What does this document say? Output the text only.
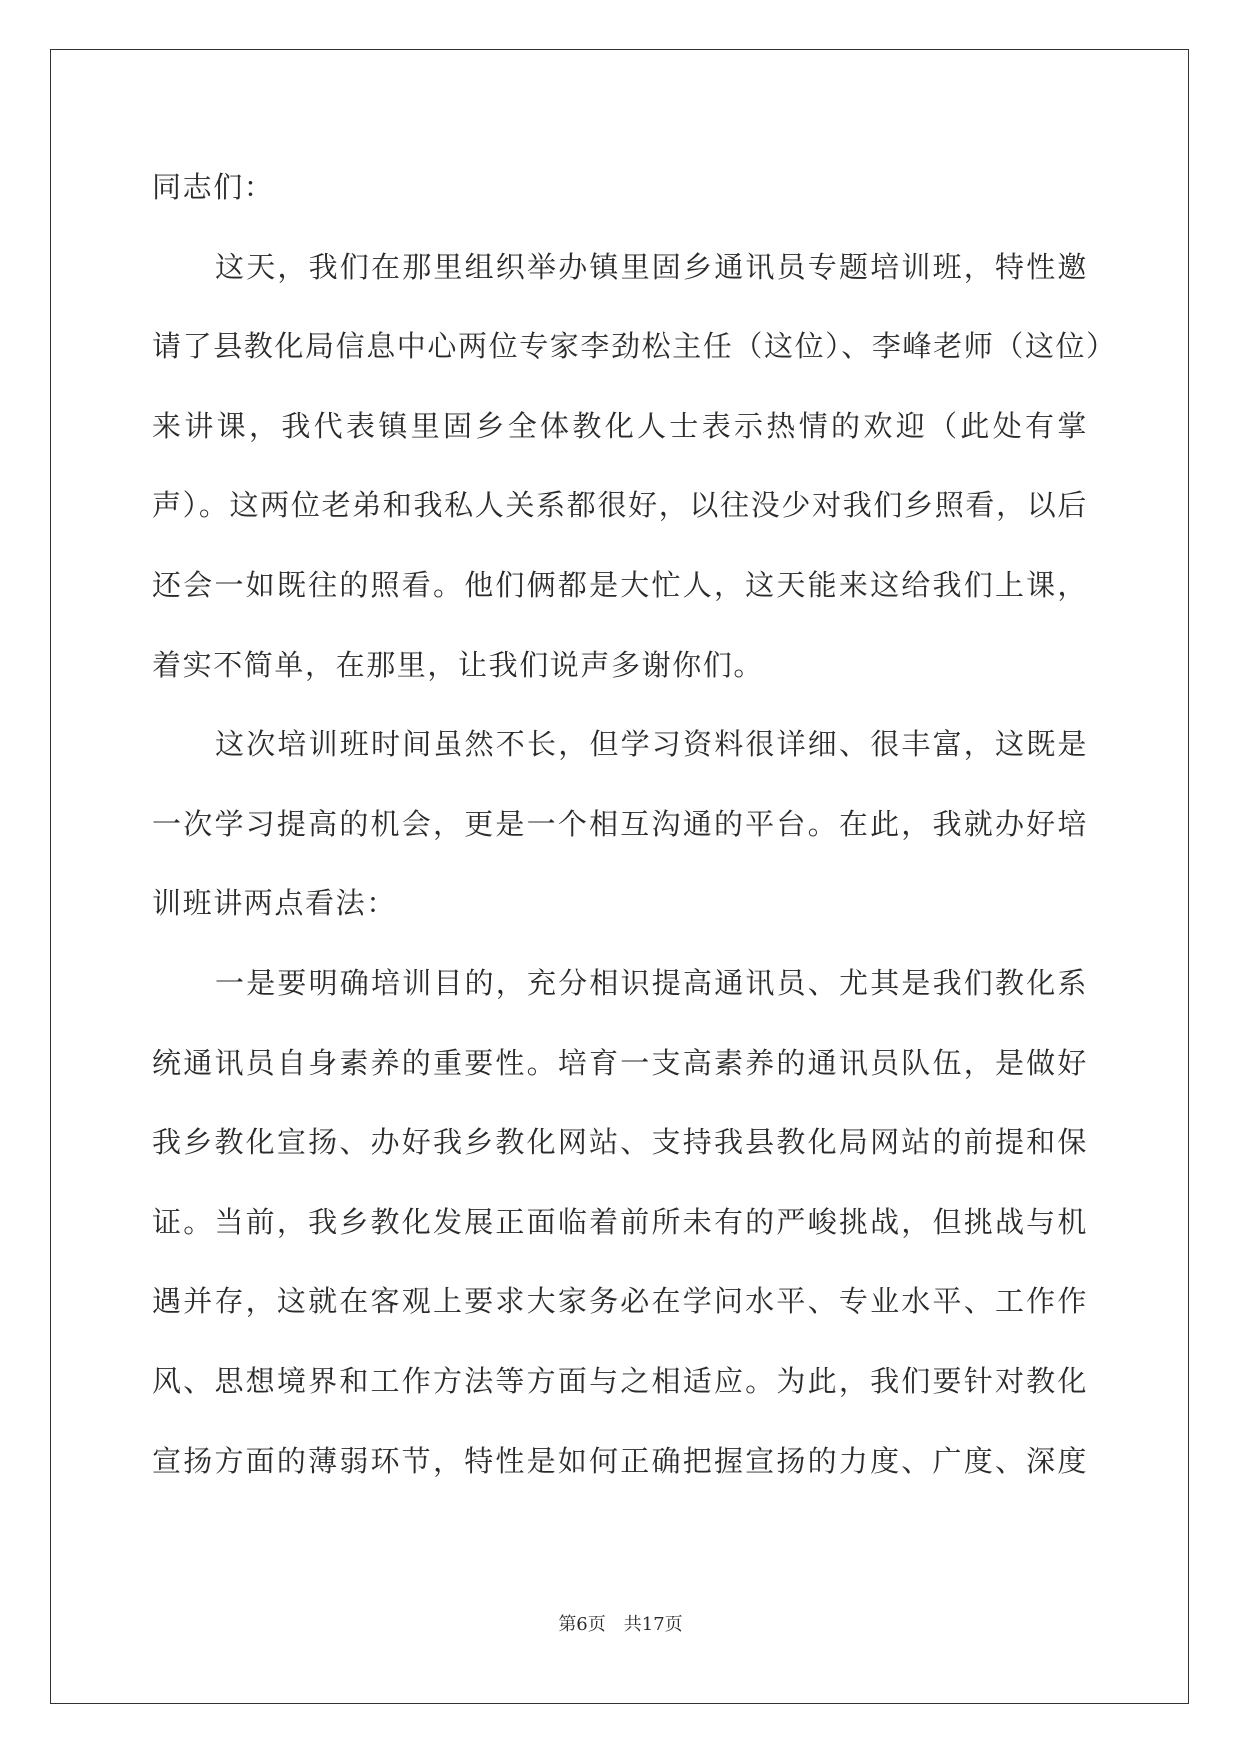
同志们：
这天，我们在那里组织举办镇里固乡通讯员专题培训班，特性邀
请了县教化局信息中心两位专家李劲松主任（这位）、李峰老师（这位）
来讲课，我代表镇里固乡全体教化人士表示热情的欢迎（此处有掌
声）。这两位老弟和我私人关系都很好，以往没少对我们乡照看，以后
还会一如既往的照看。他们俩都是大忙人，这天能来这给我们上课，
着实不简单，在那里，让我们说声多谢你们。
这次培训班时间虽然不长，但学习资料很详细、很丰富，这既是
一次学习提高的机会，更是一个相互沟通的平台。在此，我就办好培
训班讲两点看法：
一是要明确培训目的，充分相识提高通讯员、尤其是我们教化系
统通讯员自身素养的重要性。培育一支高素养的通讯员队伍，是做好
我乡教化宣扬、办好我乡教化网站、支持我县教化局网站的前提和保
证。当前，我乡教化发展正面临着前所未有的严峻挑战，但挑战与机
遇并存，这就在客观上要求大家务必在学问水平、专业水平、工作作
风、思想境界和工作方法等方面与之相适应。为此，我们要针对教化
宣扬方面的薄弱环节，特性是如何正确把握宣扬的力度、广度、深度
第6页　共17页
